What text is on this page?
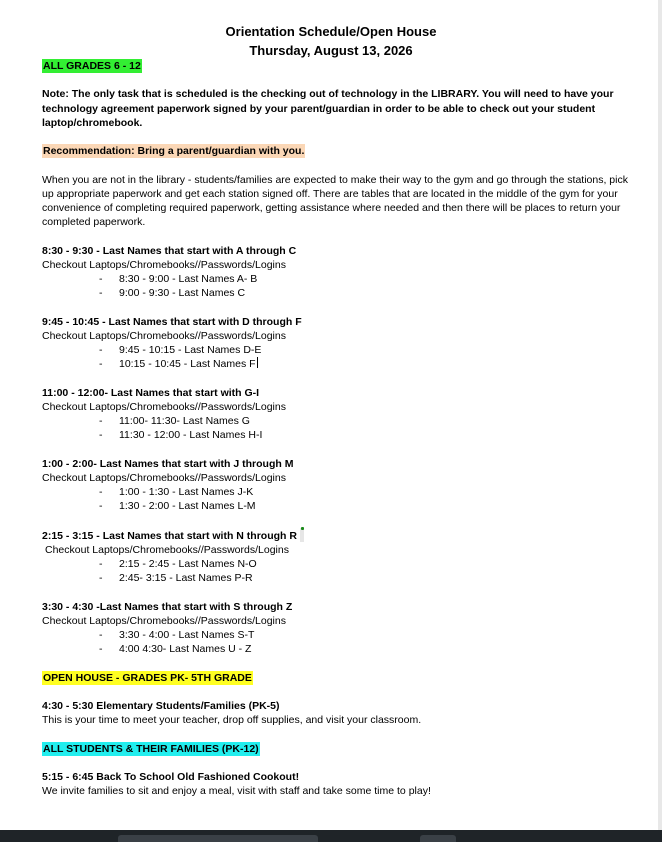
Orientation Schedule/Open House
Thursday, August 13, 2026
ALL GRADES 6 - 12
Note: The only task that is scheduled is the checking out of technology in the LIBRARY. You will need to have your technology agreement paperwork signed by your parent/guardian in order to be able to check out your student laptop/chromebook.
Recommendation: Bring a parent/guardian with you.
When you are not in the library - students/families are expected to make their way to the gym and go through the stations, pick up appropriate paperwork and get each station signed off. There are tables that are located in the middle of the gym for your convenience of completing required paperwork, getting assistance where needed and then there will be places to return your completed paperwork.
8:30 - 9:30 - Last Names that start with A through C
Checkout Laptops/Chromebooks//Passwords/Logins
- 8:30 - 9:00 - Last Names A- B
- 9:00 - 9:30 - Last Names C
9:45 - 10:45 - Last Names that start with D through F
Checkout Laptops/Chromebooks//Passwords/Logins
- 9:45 - 10:15 - Last Names D-E
- 10:15 - 10:45 - Last Names F
11:00 - 12:00- Last Names that start with G-I
Checkout Laptops/Chromebooks//Passwords/Logins
- 11:00- 11:30- Last Names G
- 11:30 - 12:00 - Last Names H-I
1:00 - 2:00- Last Names that start with J through M
Checkout Laptops/Chromebooks//Passwords/Logins
- 1:00 - 1:30 - Last Names J-K
- 1:30 - 2:00 - Last Names L-M
2:15 - 3:15 - Last Names that start with N through R
Checkout Laptops/Chromebooks//Passwords/Logins
- 2:15 - 2:45 - Last Names N-O
- 2:45- 3:15 - Last Names P-R
3:30 - 4:30 -Last Names that start with S through Z
Checkout Laptops/Chromebooks//Passwords/Logins
- 3:30 - 4:00 - Last Names S-T
- 4:00 4:30- Last Names U - Z
OPEN HOUSE - GRADES PK- 5TH GRADE
4:30 - 5:30 Elementary Students/Families (PK-5)
This is your time to meet your teacher, drop off supplies, and visit your classroom.
ALL STUDENTS & THEIR FAMILIES (PK-12)
5:15 - 6:45 Back To School Old Fashioned Cookout!
We invite families to sit and enjoy a meal, visit with staff and take some time to play!
